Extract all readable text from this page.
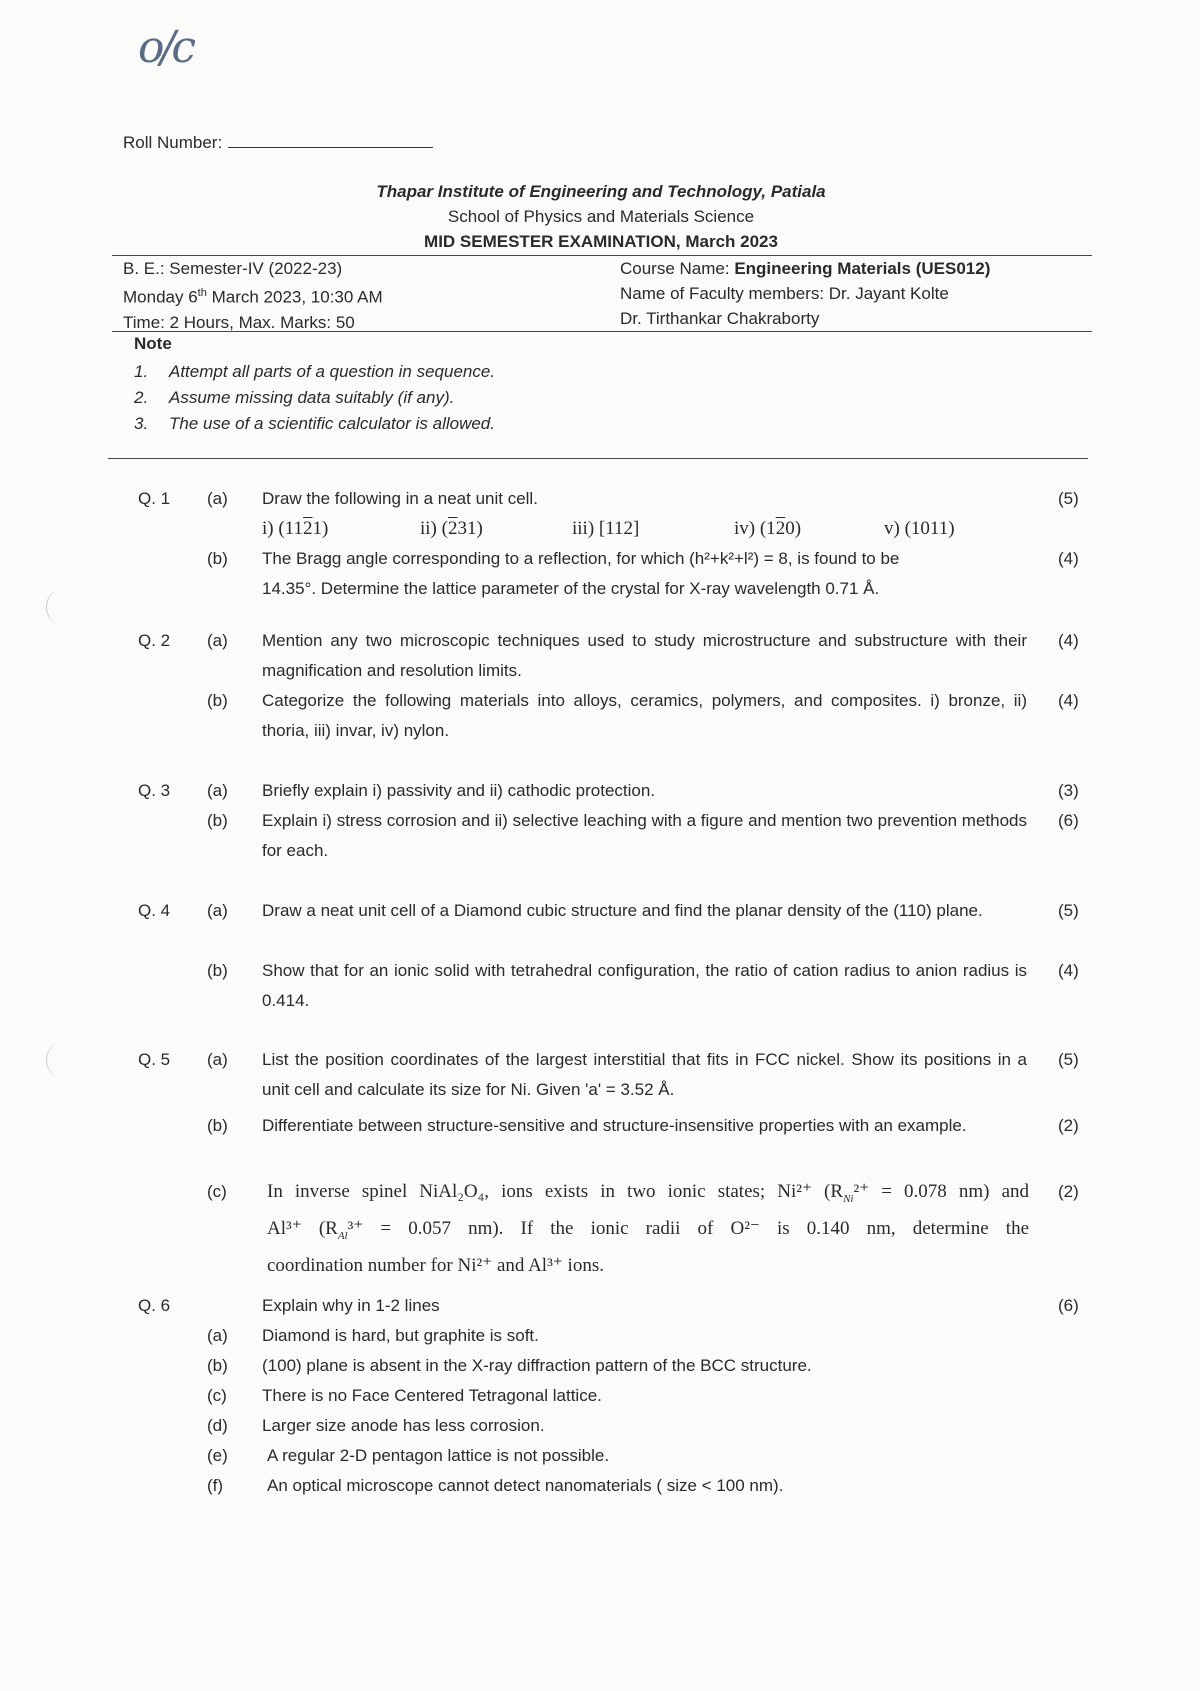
o/c
Roll Number:
Thapar Institute of Engineering and Technology, Patiala
School of Physics and Materials Science
MID SEMESTER EXAMINATION, March 2023
B. E.: Semester-IV (2022-23)
Monday 6th March 2023, 10:30 AM
Time: 2 Hours, Max. Marks: 50
Course Name: Engineering Materials (UES012)
Name of Faculty members: Dr. Jayant Kolte
Dr. Tirthankar Chakraborty
Note
1. Attempt all parts of a question in sequence.
2. Assume missing data suitably (if any).
3. The use of a scientific calculator is allowed.
Q. 1 (a) Draw the following in a neat unit cell.	(5)
i) (1121)	ii) (231)	iii) [112]	iv) (120)	v) (1011)
(b) The Bragg angle corresponding to a reflection, for which (h²+k²+l²) = 8, is found to be
14.35°. Determine the lattice parameter of the crystal for X-ray wavelength 0.71 Å.
(4)
Q. 2 (a) Mention any two microscopic techniques used to study microstructure and substructure with their magnification and resolution limits.
(4)
(b) Categorize the following materials into alloys, ceramics, polymers, and composites. i) bronze, ii) thoria, iii) invar, iv) nylon.
(4)
Q. 3 (a) Briefly explain i) passivity and ii) cathodic protection.	(3)
(b) Explain i) stress corrosion and ii) selective leaching with a figure and mention two prevention methods for each.
(6)
Q. 4 (a) Draw a neat unit cell of a Diamond cubic structure and find the planar density of the (110) plane.	(5)
(b) Show that for an ionic solid with tetrahedral configuration, the ratio of cation radius to anion radius is 0.414.
(4)
Q. 5 (a) List the position coordinates of the largest interstitial that fits in FCC nickel. Show its positions in a unit cell and calculate its size for Ni. Given 'a' = 3.52 Å.
(5)
(b) Differentiate between structure-sensitive and structure-insensitive properties with an example.	(2)
(c) In inverse spinel NiAl₂O₄, ions exists in two ionic states; Ni²⁺ ($R_{Ni}^{2+} = 0.078$ nm) and
Al³⁺ ($R_{Al}^{3+} = 0.057$ nm). If the ionic radii of O²⁻ is 0.140 nm, determine the
coordination number for Ni²⁺ and Al³⁺ ions.
(2)
Q. 6	Explain why in 1-2 lines	(6)
(a) Diamond is hard, but graphite is soft.
(b) (100) plane is absent in the X-ray diffraction pattern of the BCC structure.
(c) There is no Face Centered Tetragonal lattice.
(d) Larger size anode has less corrosion.
(e) A regular 2-D pentagon lattice is not possible.
(f)	An optical microscope cannot detect nanomaterials ( size < 100 nm).
